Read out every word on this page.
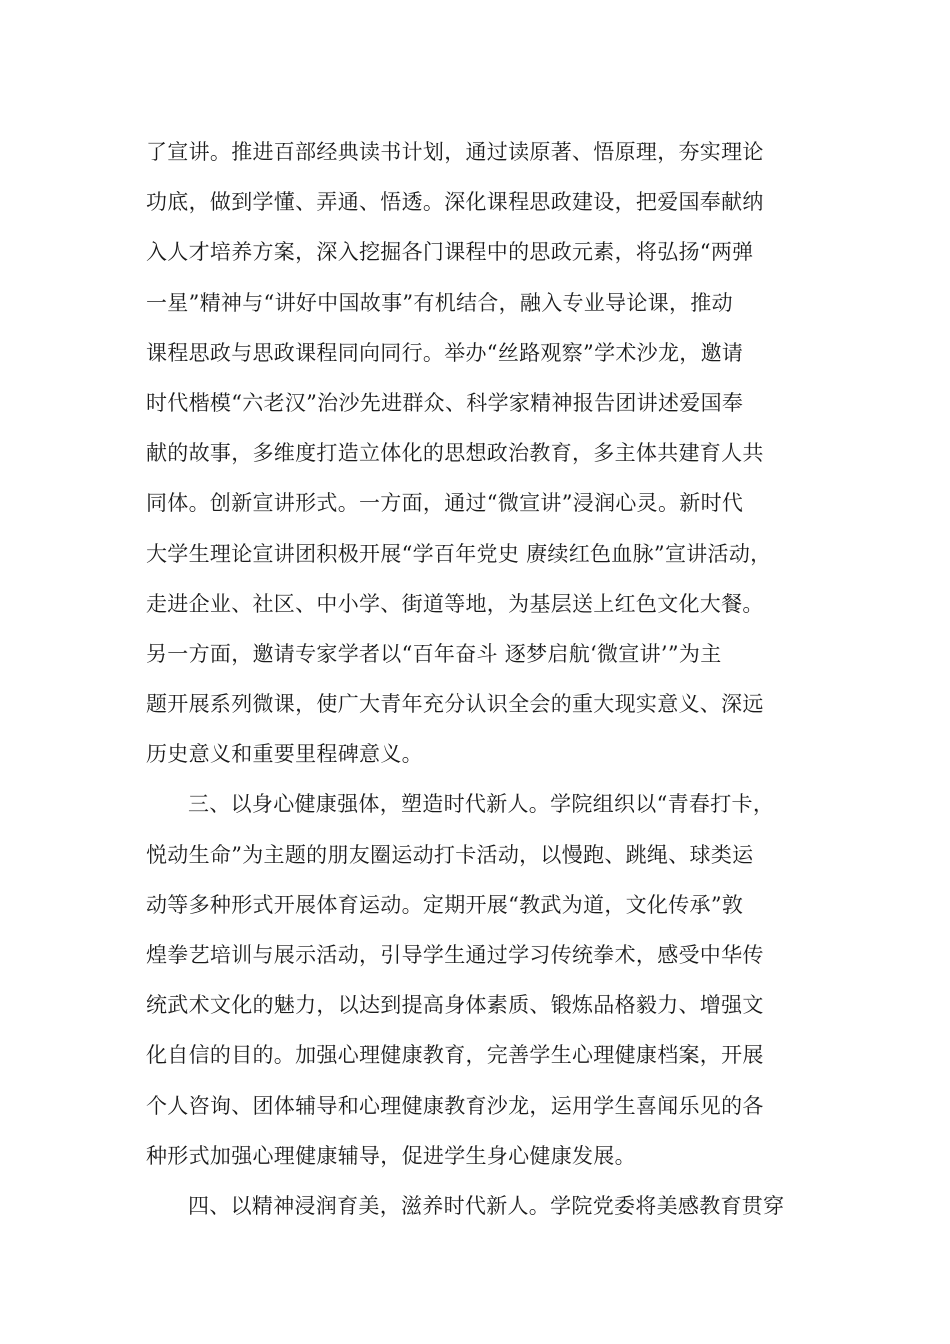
了宣讲。推进百部经典读书计划，通过读原著、悟原理，夯实理论
功底，做到学懂、弄通、悟透。深化课程思政建设，把爱国奉献纳
入人才培养方案，深入挖掘各门课程中的思政元素，将弘扬“两弹
一星”精神与“讲好中国故事”有机结合，融入专业导论课，推动
课程思政与思政课程同向同行。举办“丝路观察”学术沙龙，邀请
时代楷模“六老汉”治沙先进群众、科学家精神报告团讲述爱国奉
献的故事，多维度打造立体化的思想政治教育，多主体共建育人共
同体。创新宣讲形式。一方面，通过“微宣讲”浸润心灵。新时代
大学生理论宣讲团积极开展“学百年党史 赓续红色血脉”宣讲活动，
走进企业、社区、中小学、街道等地，为基层送上红色文化大餐。
另一方面，邀请专家学者以“百年奋斗 逐梦启航‘微宣讲’”为主
题开展系列微课，使广大青年充分认识全会的重大现实意义、深远
历史意义和重要里程碑意义。
三、以身心健康强体，塑造时代新人。学院组织以“青春打卡，
悦动生命”为主题的朋友圈运动打卡活动，以慢跑、跳绳、球类运
动等多种形式开展体育运动。定期开展“教武为道，文化传承”敦
煌拳艺培训与展示活动，引导学生通过学习传统拳术，感受中华传
统武术文化的魅力，以达到提高身体素质、锻炼品格毅力、增强文
化自信的目的。加强心理健康教育，完善学生心理健康档案，开展
个人咨询、团体辅导和心理健康教育沙龙，运用学生喜闻乐见的各
种形式加强心理健康辅导，促进学生身心健康发展。
四、以精神浸润育美，滋养时代新人。学院党委将美感教育贯穿
